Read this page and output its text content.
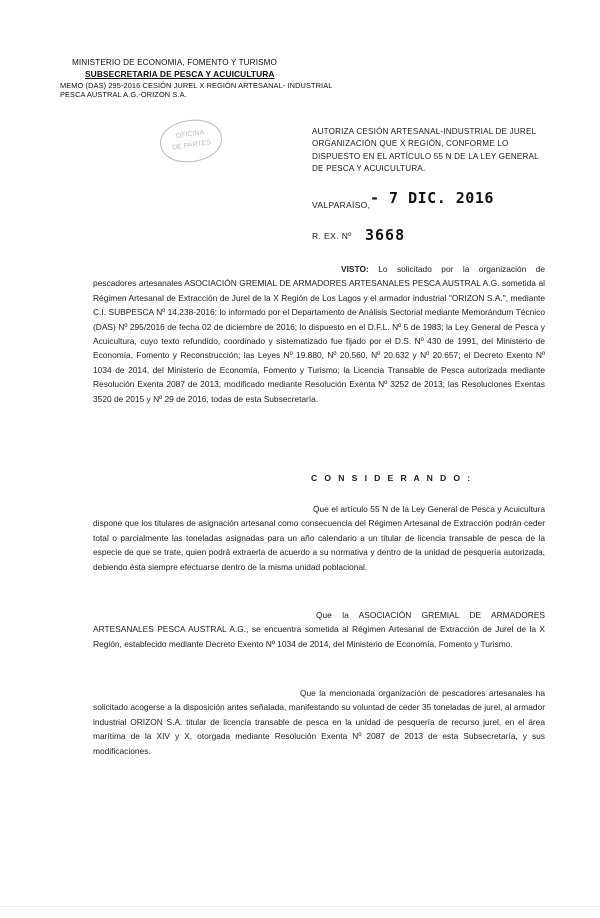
MINISTERIO DE ECONOMIA, FOMENTO Y TURISMO
SUBSECRETARIA DE PESCA Y ACUICULTURA
MEMO (DAS) 295-2016 CESIÓN JUREL X REGIÓN ARTESANAL- INDUSTRIAL PESCA AUSTRAL A.G.-ORIZON S.A.
OFICINA
DE PARTES
AUTORIZA CESIÓN ARTESANAL-INDUSTRIAL DE JUREL ORGANIZACIÓN QUE X REGIÓN, CONFORME LO DISPUESTO EN EL ARTÍCULO 55 N DE LA LEY GENERAL DE PESCA Y ACUICULTURA.
VALPARAÍSO, - 7 DIC. 2016
R. EX. Nº 3668
VISTO: Lo solicitado por la organización de pescadores artesanales ASOCIACIÓN GREMIAL DE ARMADORES ARTESANALES PESCA AUSTRAL A.G. sometida al Régimen Artesanal de Extracción de Jurel de la X Región de Los Lagos y el armador industrial "ORIZON S.A.", mediante C.I. SUBPESCA Nº 14.238-2016; lo informado por el Departamento de Análisis Sectorial mediante Memorándum Técnico (DAS) Nº 295/2016 de fecha 02 de diciembre de 2016; lo dispuesto en el D.F.L. Nº 5 de 1983; la Ley General de Pesca y Acuicultura, cuyo texto refundido, coordinado y sistematizado fue fijado por el D.S. Nº 430 de 1991, del Ministerio de Economía, Fomento y Reconstrucción; las Leyes Nº 19.880, Nº 20.560, Nº 20.632 y Nº 20.657; el Decreto Exento Nº 1034 de 2014, del Ministerio de Economía, Fomento y Turismo; la Licencia Transable de Pesca autorizada mediante Resolución Exenta 2087 de 2013, modificado mediante Resolución Exenta Nº 3252 de 2013; las Resoluciones Exentas 3520 de 2015 y Nº 29 de 2016, todas de esta Subsecretaría.
C O N S I D E R A N D O :
Que el artículo 55 N de la Ley General de Pesca y Acuicultura dispone que los titulares de asignación artesanal como consecuencia del Régimen Artesanal de Extracción podrán ceder total o parcialmente las toneladas asignadas para un año calendario a un titular de licencia transable de pesca de la especie de que se trate, quien podrá extraerla de acuerdo a su normativa y dentro de la unidad de pesquería autorizada, debiendo ésta siempre efectuarse dentro de la misma unidad poblacional.
Que la ASOCIACIÓN GREMIAL DE ARMADORES ARTESANALES PESCA AUSTRAL A.G., se encuentra sometida al Régimen Artesanal de Extracción de Jurel de la X Región, establecido mediante Decreto Exento Nº 1034 de 2014, del Ministerio de Economía, Fomento y Turismo.
Que la mencionada organización de pescadores artesanales ha solicitado acogerse a la disposición antes señalada, manifestando su voluntad de ceder 35 toneladas de jurel, al armador industrial ORIZON S.A. titular de licencia transable de pesca en la unidad de pesquería de recurso jurel, en el área marítima de la XIV y X, otorgada mediante Resolución Exenta Nº 2087 de 2013 de esta Subsecretaría, y sus modificaciones.
